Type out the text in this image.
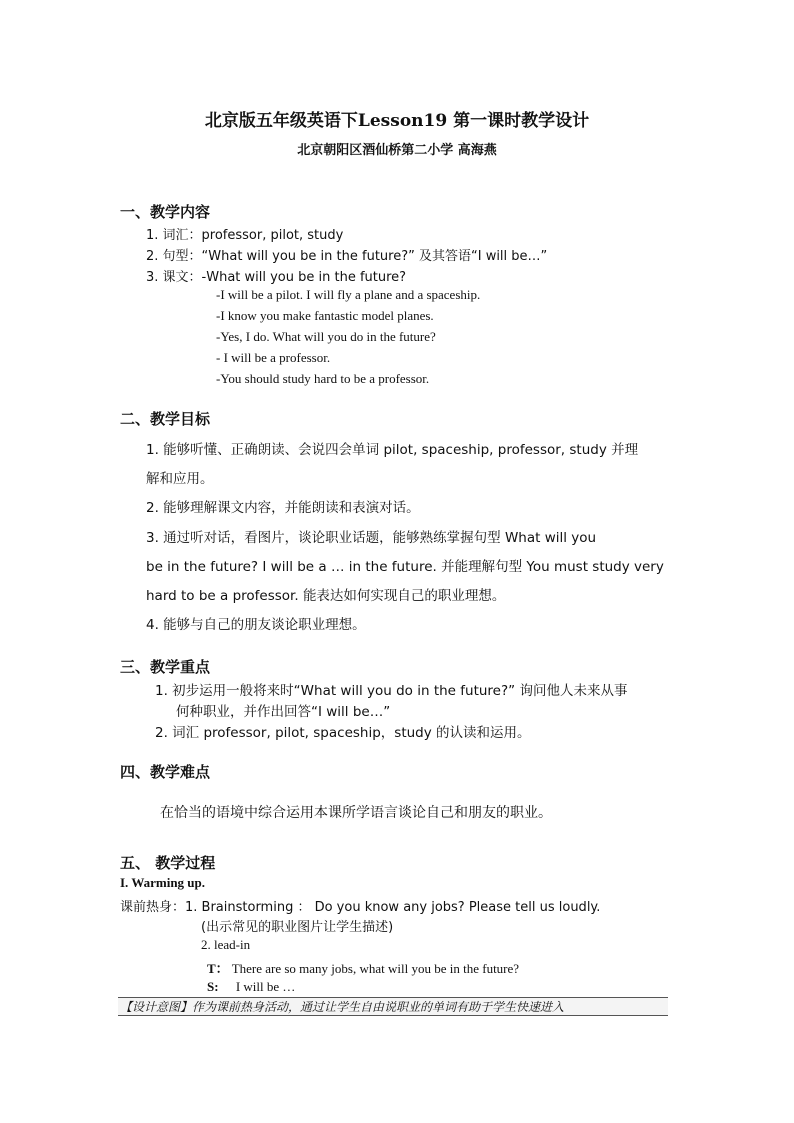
北京版五年级英语下Lesson19 第一课时教学设计
北京朝阳区酒仙桥第二小学 高海燕
一、教学内容
1. 词汇：professor, pilot, study
2. 句型：“What will you be in the future?” 及其答语“I will be…”
3. 课文：-What will you be in the future?
-I will be a pilot. I will fly a plane and a spaceship.
-I know you make fantastic model planes.
-Yes, I do. What will you do in the future?
- I will be a professor.
-You should study hard to be a professor.
二、教学目标
1. 能够听懂、正确朗读、会说四会单词 pilot, spaceship, professor, study 并理
解和应用。
2. 能够理解课文内容，并能朗读和表演对话。
3. 通过听对话，看图片，谈论职业话题，能够熟练掌握句型 What will you
be in the future? I will be a … in the future. 并能理解句型 You must study very
hard to be a professor. 能表达如何实现自己的职业理想。
4. 能够与自己的朋友谈论职业理想。
三、教学重点
1. 初步运用一般将来时“What will you do in the future?” 询问他人未来从事
何种职业，并作出回答“I will be…”
2. 词汇 professor, pilot, spaceship，study 的认读和运用。
四、教学难点
在恰当的语境中综合运用本课所学语言谈论自己和朋友的职业。
五、 教学过程
I. Warming up.
课前热身：1. Brainstorming ： Do you know any jobs? Please tell us loudly.
(出示常见的职业图片让学生描述)
2. lead-in
T： There are so many jobs, what will you be in the future?
S: I will be …
【设计意图】作为课前热身活动，通过让学生自由说职业的单词有助于学生快速进入
